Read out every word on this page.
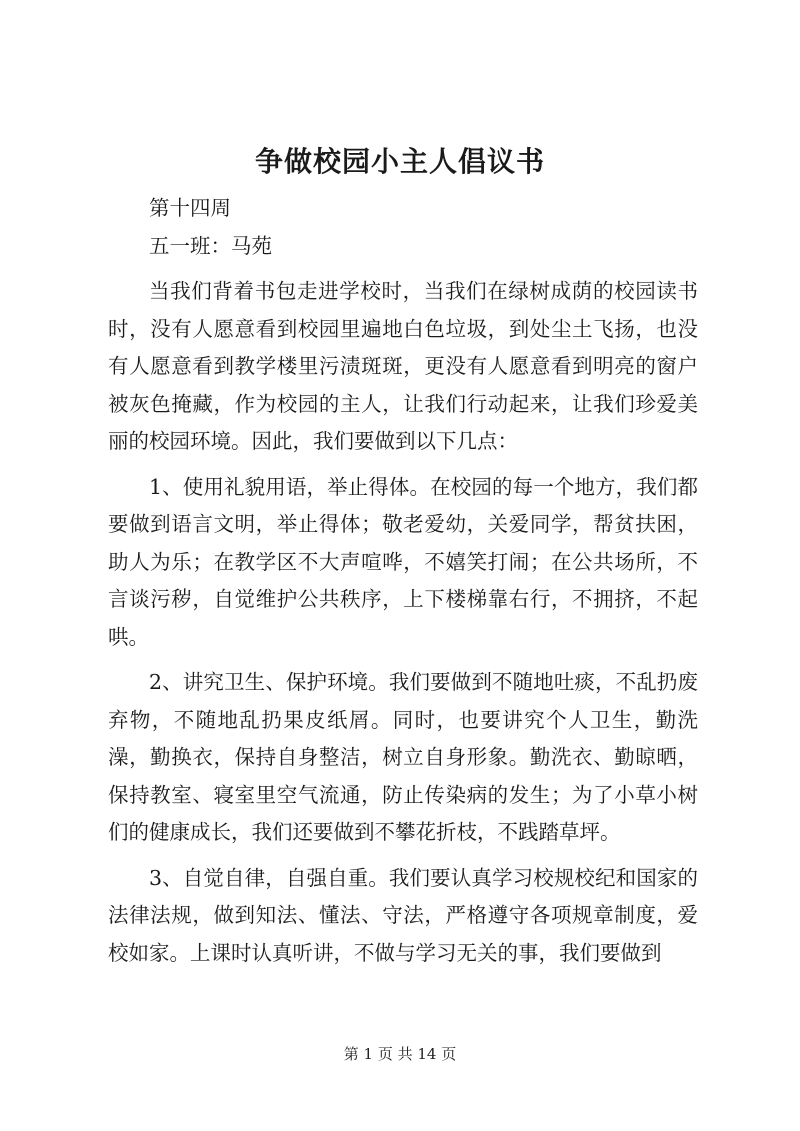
争做校园小主人倡议书

第十四周

五一班：马苑

当我们背着书包走进学校时，当我们在绿树成荫的校园读书时，没有人愿意看到校园里遍地白色垃圾，到处尘土飞扬，也没有人愿意看到教学楼里污渍斑斑，更没有人愿意看到明亮的窗户被灰色掩藏，作为校园的主人，让我们行动起来，让我们珍爱美丽的校园环境。因此，我们要做到以下几点：

1、使用礼貌用语，举止得体。在校园的每一个地方，我们都要做到语言文明，举止得体；敬老爱幼，关爱同学，帮贫扶困，助人为乐；在教学区不大声喧哗，不嬉笑打闹；在公共场所，不言谈污秽，自觉维护公共秩序，上下楼梯靠右行，不拥挤，不起哄。

2、讲究卫生、保护环境。我们要做到不随地吐痰，不乱扔废弃物，不随地乱扔果皮纸屑。同时，也要讲究个人卫生，勤洗澡，勤换衣，保持自身整洁，树立自身形象。勤洗衣、勤晾晒，保持教室、寝室里空气流通，防止传染病的发生；为了小草小树们的健康成长，我们还要做到不攀花折枝，不践踏草坪。

3、自觉自律，自强自重。我们要认真学习校规校纪和国家的法律法规，做到知法、懂法、守法，严格遵守各项规章制度，爱校如家。上课时认真听讲，不做与学习无关的事，我们要做到

第 1 页 共 14 页
